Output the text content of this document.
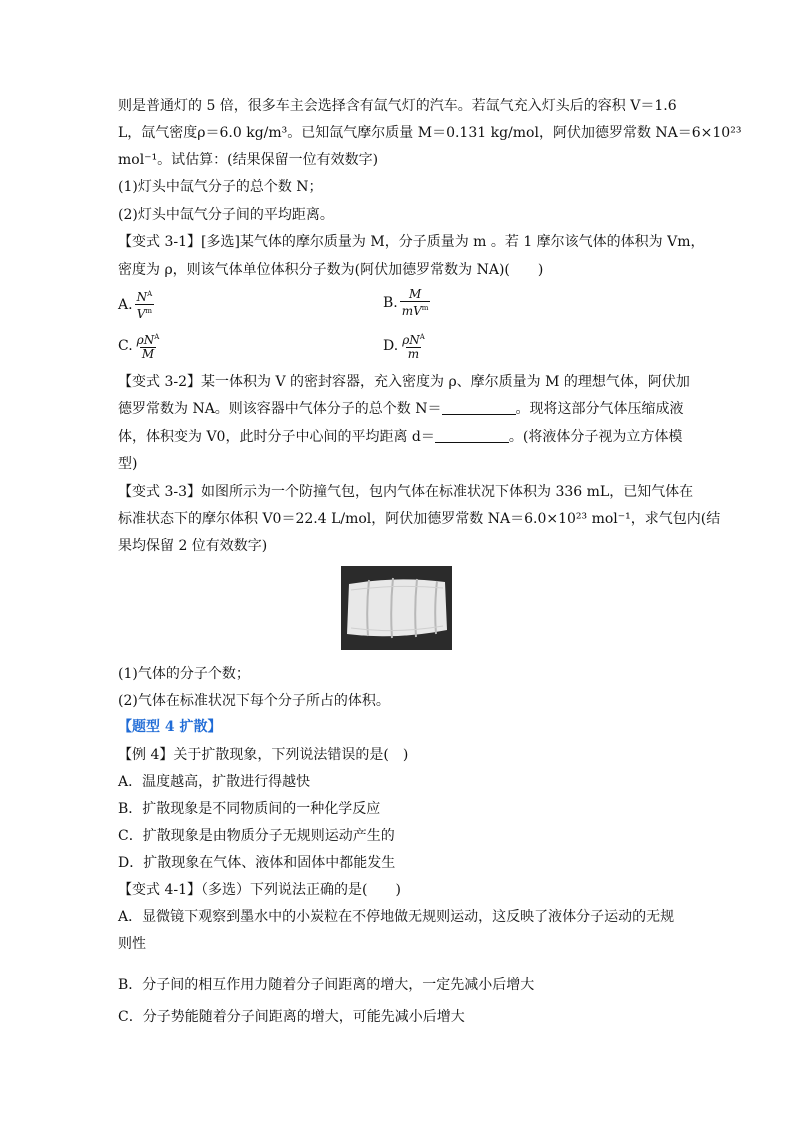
则是普通灯的 5 倍，很多车主会选择含有氙气灯的汽车。若氙气充入灯头后的容积 V＝1.6
L，氙气密度ρ＝6.0 kg/m³。已知氙气摩尔质量 M＝0.131 kg/mol，阿伏加德罗常数 NA＝6×10²³
mol⁻¹。试估算：(结果保留一位有效数字)
(1)灯头中氙气分子的总个数 N；
(2)灯头中氙气分子间的平均距离。
【变式 3-1】[多选]某气体的摩尔质量为 M，分子质量为 m 。若 1 摩尔该气体的体积为 Vm，
密度为 ρ，则该气体单位体积分子数为(阿伏加德罗常数为 NA)(　　)
A. $\frac{N^A}{V^m}$	B. $\frac{M}{mV^m}$
C. $\frac{\rho N^A}{M}$	D. $\frac{\rho N^A}{m}$
【变式 3-2】某一体积为 V 的密封容器，充入密度为 ρ、摩尔质量为 M 的理想气体，阿伏加
德罗常数为 NA。则该容器中气体分子的总个数 N＝	。现将这部分气体压缩成液
体，体积变为 V0，此时分子中心间的平均距离 d＝	。(将液体分子视为立方体模
型)
【变式 3-3】如图所示为一个防撞气包，包内气体在标准状况下体积为 336 mL，已知气体在
标准状态下的摩尔体积 V0＝22.4 L/mol，阿伏加德罗常数 NA＝6.0×10²³ mol⁻¹，求气包内(结
果均保留 2 位有效数字)
(1)气体的分子个数；
(2)气体在标准状况下每个分子所占的体积。
【题型 4 扩散】
【例 4】关于扩散现象，下列说法错误的是(　)
A．温度越高，扩散进行得越快
B．扩散现象是不同物质间的一种化学反应
C．扩散现象是由物质分子无规则运动产生的
D．扩散现象在气体、液体和固体中都能发生
【变式 4-1】（多选）下列说法正确的是(　　)
A．显微镜下观察到墨水中的小炭粒在不停地做无规则运动，这反映了液体分子运动的无规
则性
B．分子间的相互作用力随着分子间距离的增大，一定先减小后增大
C．分子势能随着分子间距离的增大，可能先减小后增大
